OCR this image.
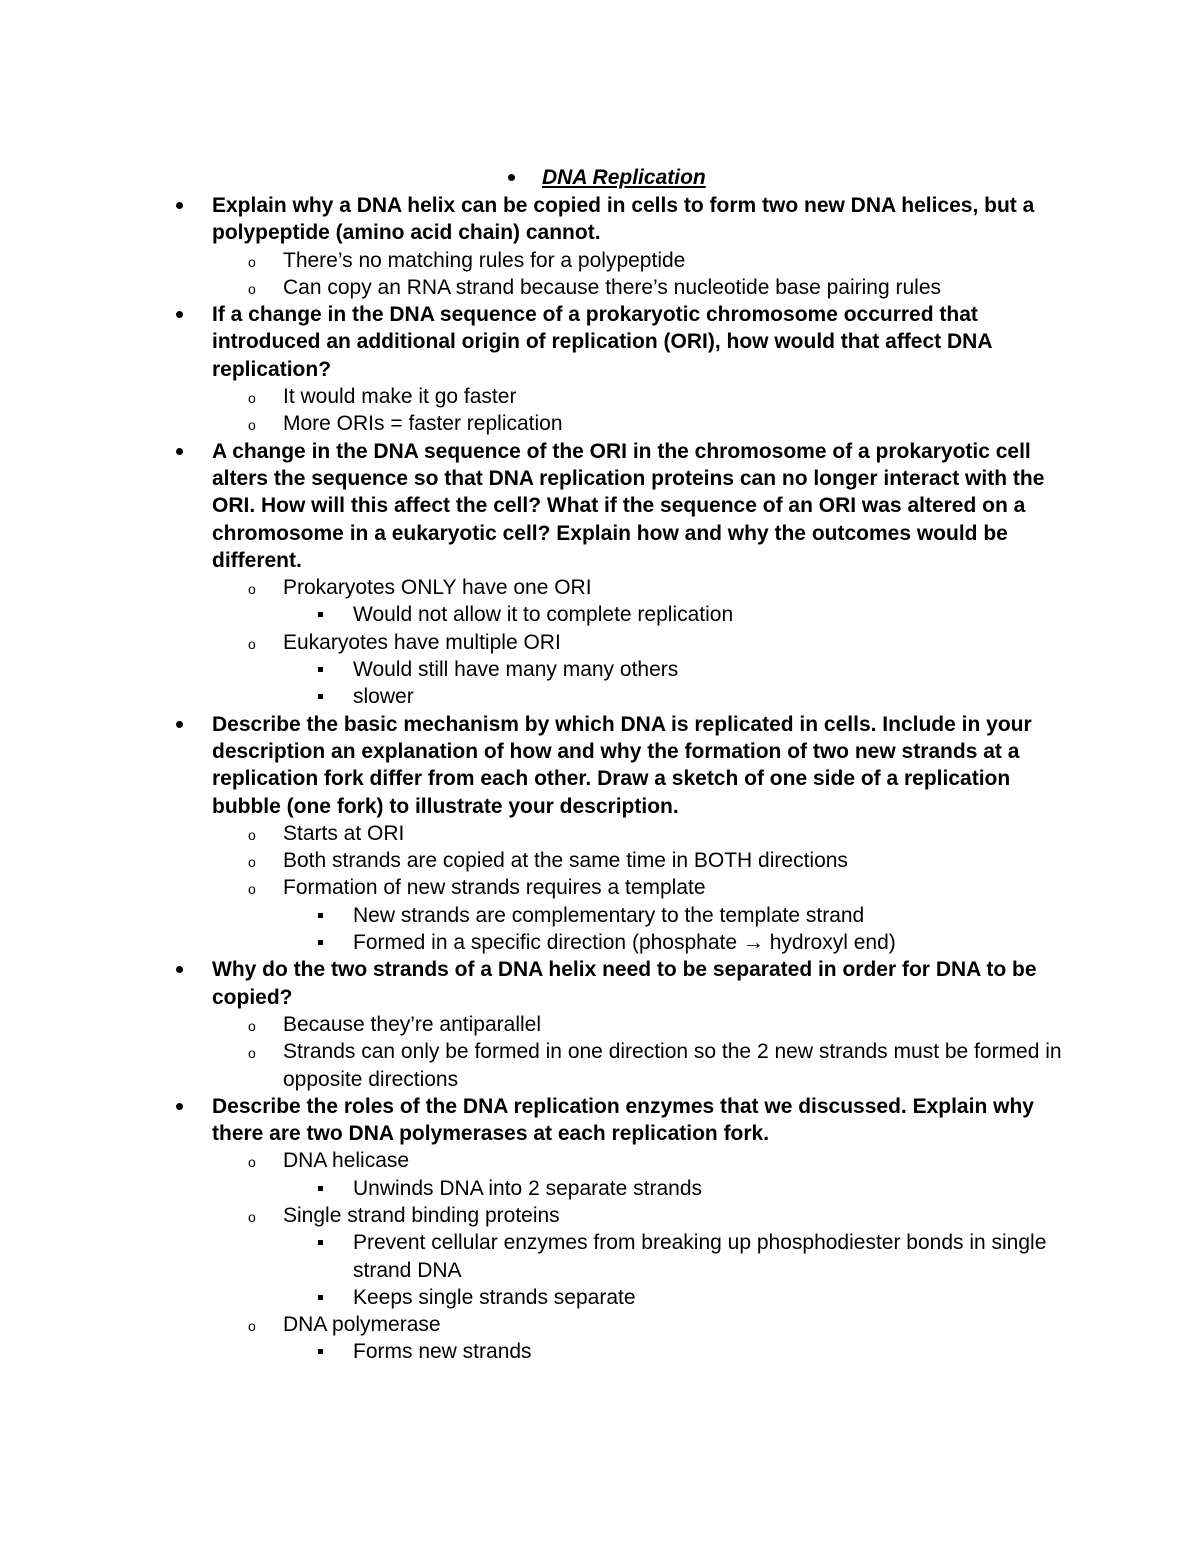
DNA Replication
Explain why a DNA helix can be copied in cells to form two new DNA helices, but a polypeptide (amino acid chain) cannot.
o There’s no matching rules for a polypeptide
o Can copy an RNA strand because there’s nucleotide base pairing rules
If a change in the DNA sequence of a prokaryotic chromosome occurred that introduced an additional origin of replication (ORI), how would that affect DNA replication?
o It would make it go faster
o More ORIs = faster replication
A change in the DNA sequence of the ORI in the chromosome of a prokaryotic cell alters the sequence so that DNA replication proteins can no longer interact with the ORI. How will this affect the cell? What if the sequence of an ORI was altered on a chromosome in a eukaryotic cell? Explain how and why the outcomes would be different.
o Prokaryotes ONLY have one ORI
Would not allow it to complete replication
o Eukaryotes have multiple ORI
Would still have many many others
slower
Describe the basic mechanism by which DNA is replicated in cells. Include in your description an explanation of how and why the formation of two new strands at a replication fork differ from each other. Draw a sketch of one side of a replication bubble (one fork) to illustrate your description.
o Starts at ORI
o Both strands are copied at the same time in BOTH directions
o Formation of new strands requires a template
New strands are complementary to the template strand
Formed in a specific direction (phosphate → hydroxyl end)
Why do the two strands of a DNA helix need to be separated in order for DNA to be copied?
o Because they’re antiparallel
o Strands can only be formed in one direction so the 2 new strands must be formed in opposite directions
Describe the roles of the DNA replication enzymes that we discussed. Explain why there are two DNA polymerases at each replication fork.
o DNA helicase
Unwinds DNA into 2 separate strands
o Single strand binding proteins
Prevent cellular enzymes from breaking up phosphodiester bonds in single strand DNA
Keeps single strands separate
o DNA polymerase
Forms new strands
